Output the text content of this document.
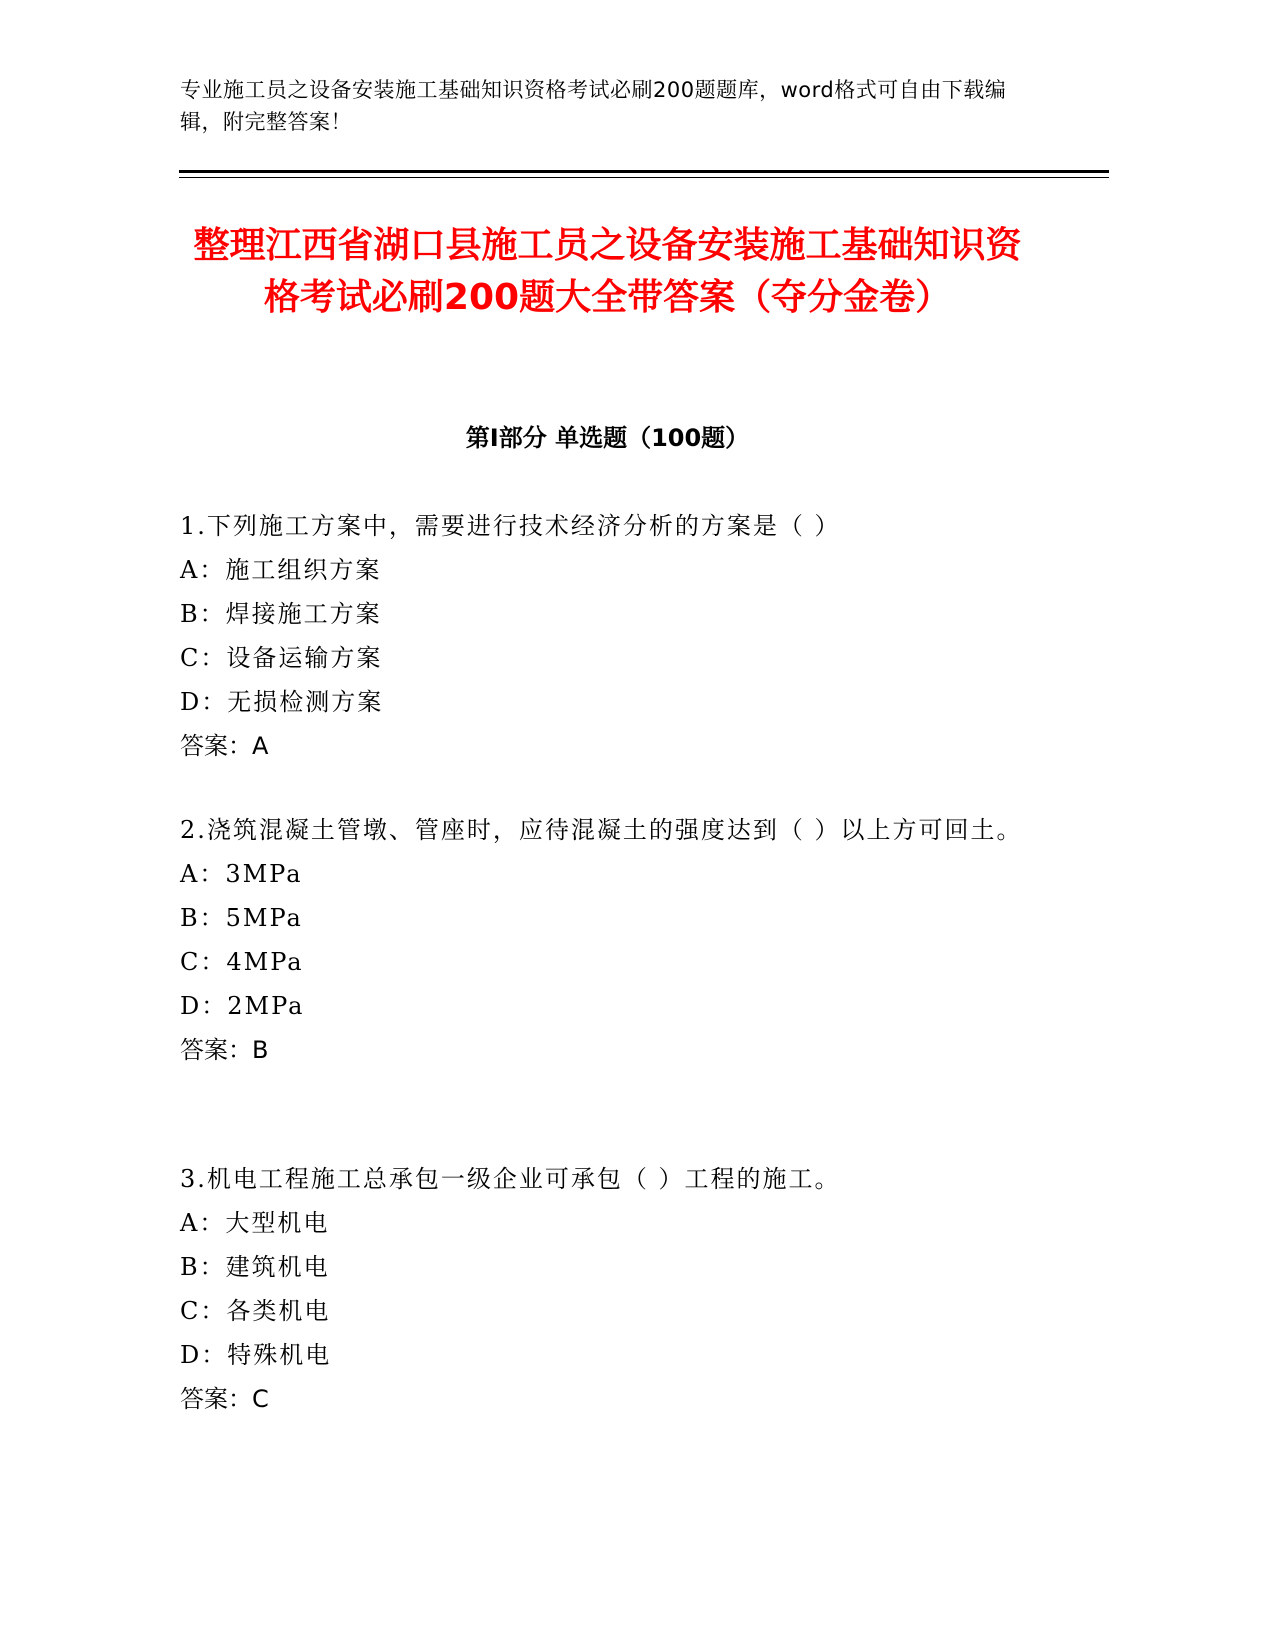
专业施工员之设备安装施工基础知识资格考试必刷200题题库，word格式可自由下载编辑，附完整答案！
整理江西省湖口县施工员之设备安装施工基础知识资格考试必刷200题大全带答案（夺分金卷）
第Ⅰ部分 单选题（100题）

1.下列施工方案中，需要进行技术经济分析的方案是（ ）

A：施工组织方案

B：焊接施工方案

C：设备运输方案

D：无损检测方案

答案：A

2.浇筑混凝土管墩、管座时，应待混凝土的强度达到（ ）以上方可回土。

A：3MPa

B：5MPa

C：4MPa

D：2MPa

答案：B

3.机电工程施工总承包一级企业可承包（ ）工程的施工。

A：大型机电

B：建筑机电

C：各类机电

D：特殊机电

答案：C
